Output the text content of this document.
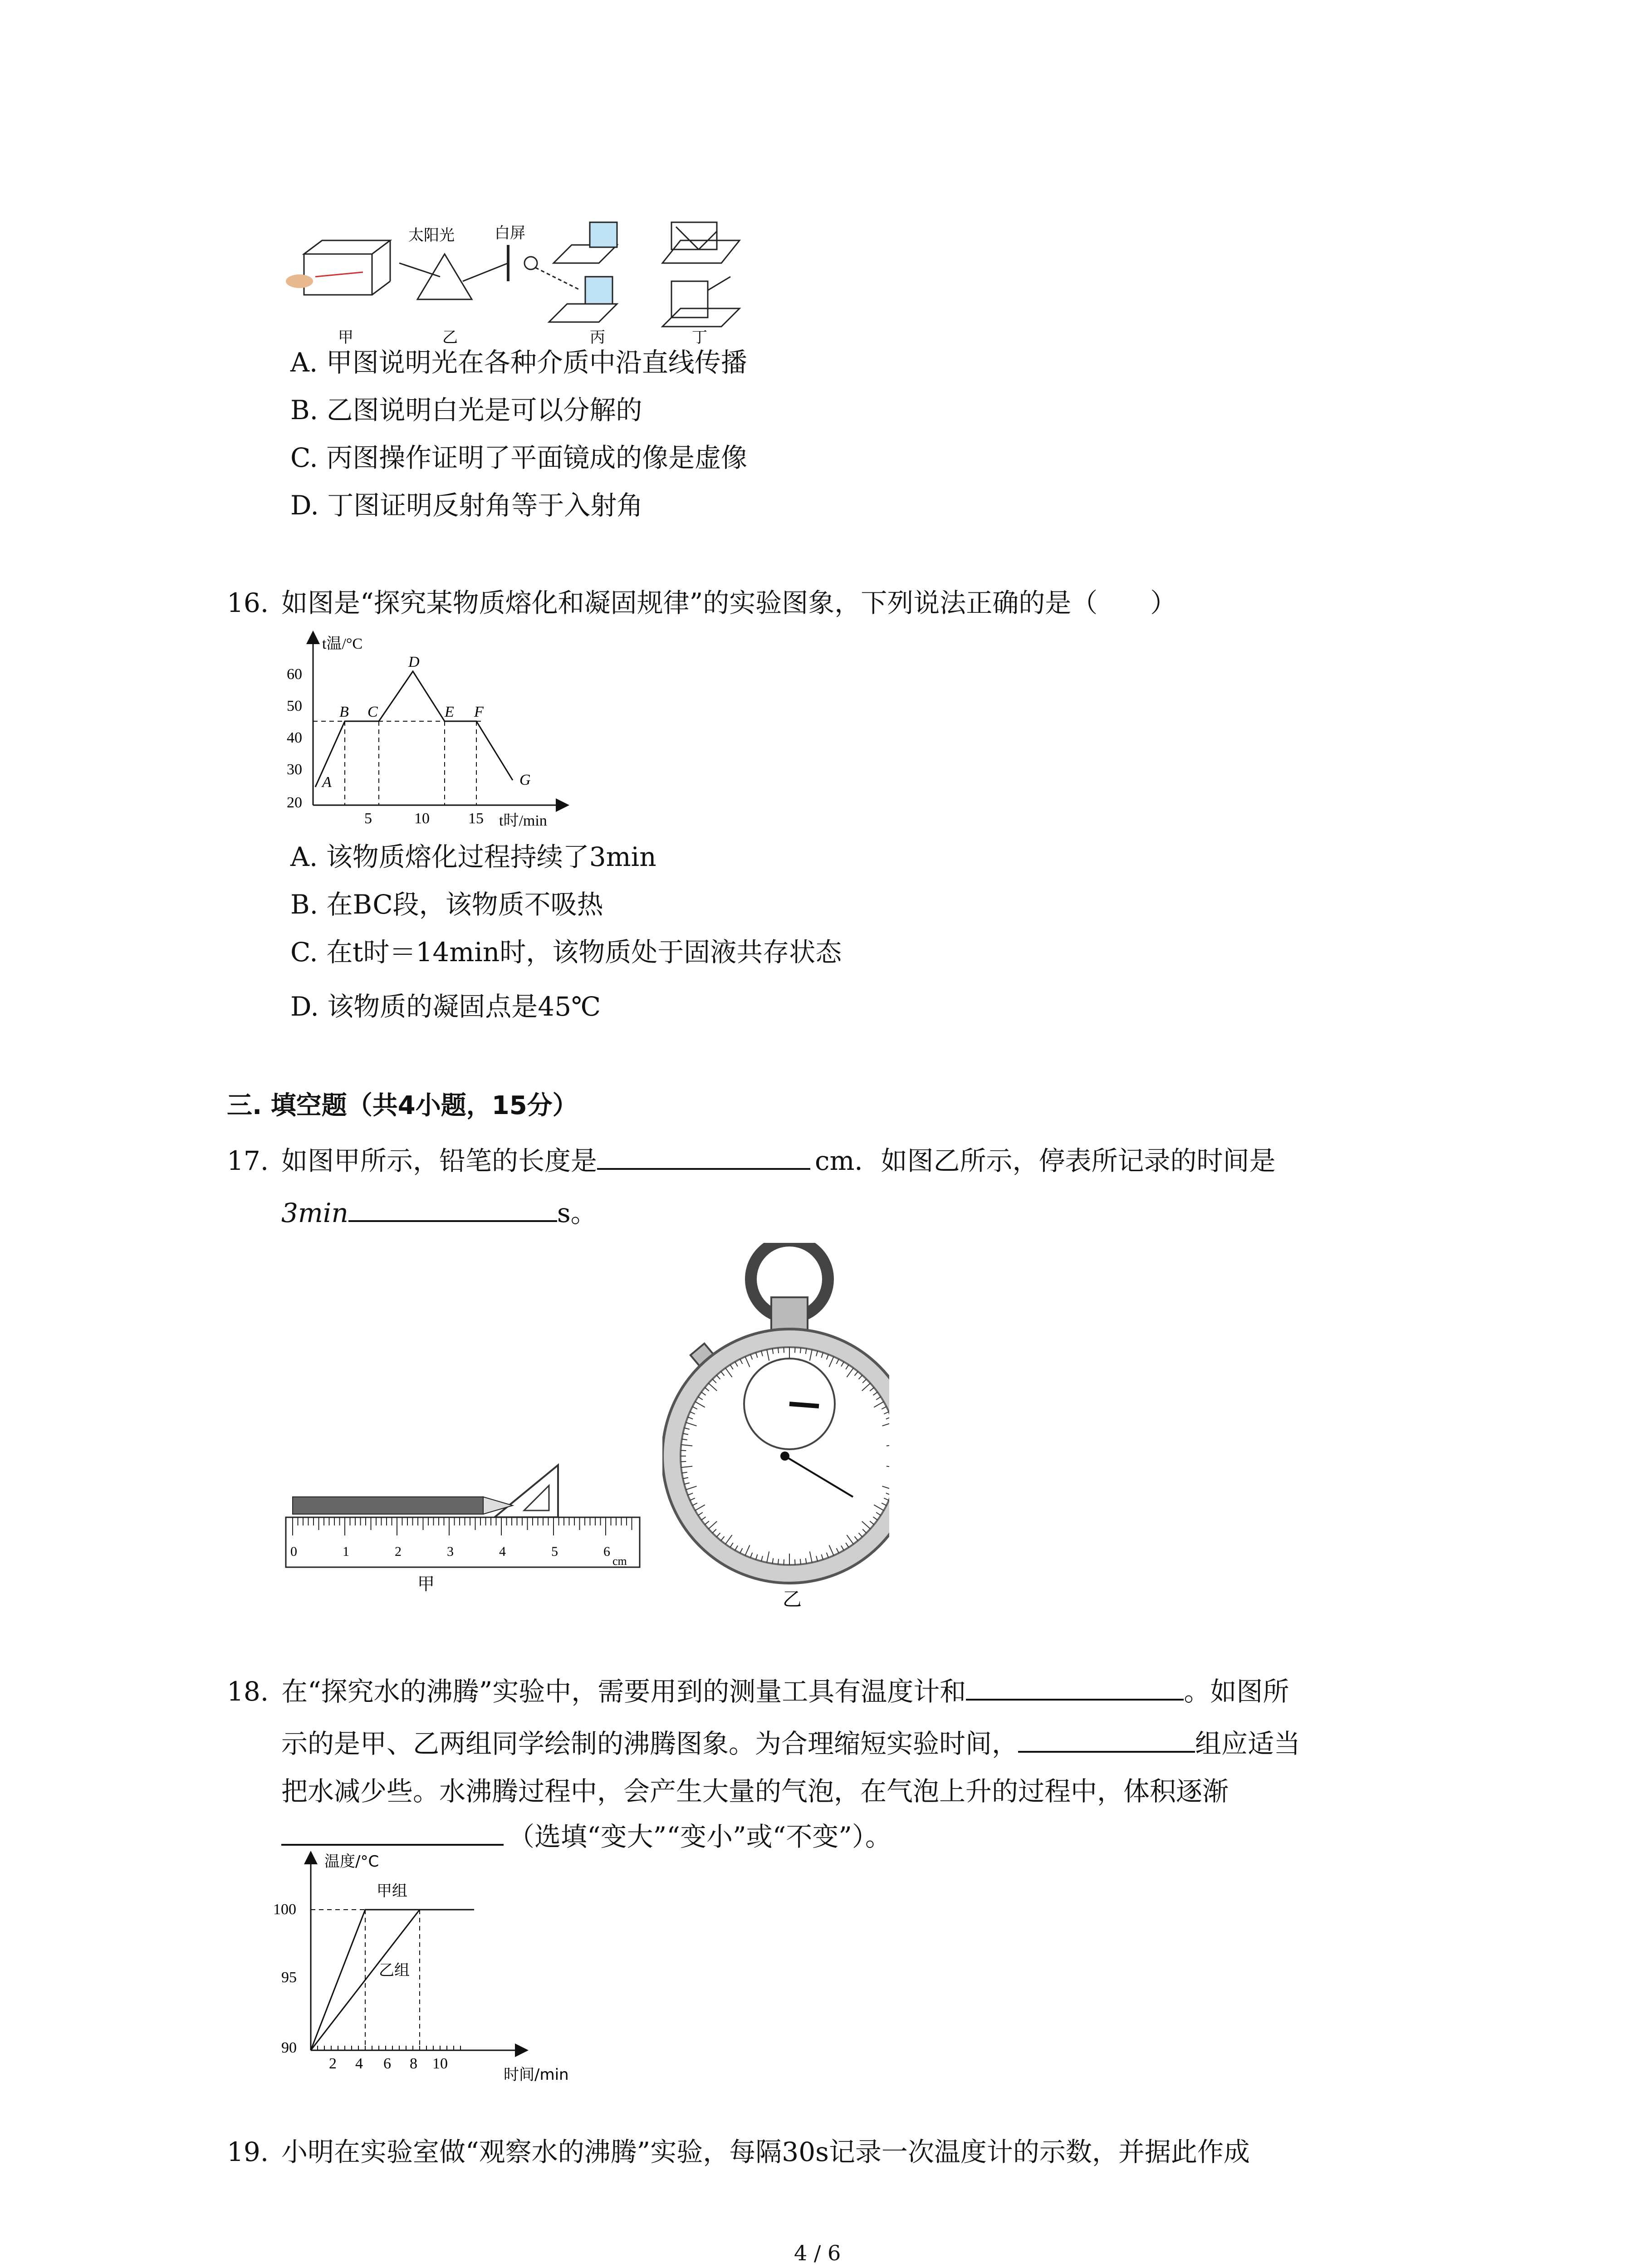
太阳光	白屏
甲	乙	丙	丁
A. 甲图说明光在各种介质中沿直线传播
B. 乙图说明白光是可以分解的
C. 丙图操作证明了平面镜成的像是虚像
D. 丁图证明反射角等于入射角
16. 如图是“探究某物质熔化和凝固规律”的实验图象，下列说法正确的是（　　）
t温/°C
t时/min
60
50
40
30
20
5	10	15
A
B C
D
E F
G
A. 该物质熔化过程持续了3min
B. 在BC段，该物质不吸热
C. 在t时＝14min时，该物质处于固液共存状态
D. 该物质的凝固点是45℃
三. 填空题（共4小题，15分）
17. 如图甲所示，铅笔的长度是	cm．如图乙所示，停表所记录的时间是
3min	s。
0	1	2	3	4	5	6
cm
甲
乙
18. 在“探究水的沸腾”实验中，需要用到的测量工具有温度计和	。如图所
示的是甲、乙两组同学绘制的沸腾图象。为合理缩短实验时间，	组应适当
把水减少些。水沸腾过程中，会产生大量的气泡，在气泡上升的过程中，体积逐渐
（选填“变大”“变小”或“不变”）。
温度/°C
时间/min
甲组
乙组
100
95
90
2 4 6 8 10
19. 小明在实验室做“观察水的沸腾”实验，每隔30s记录一次温度计的示数，并据此作成
4 / 6
